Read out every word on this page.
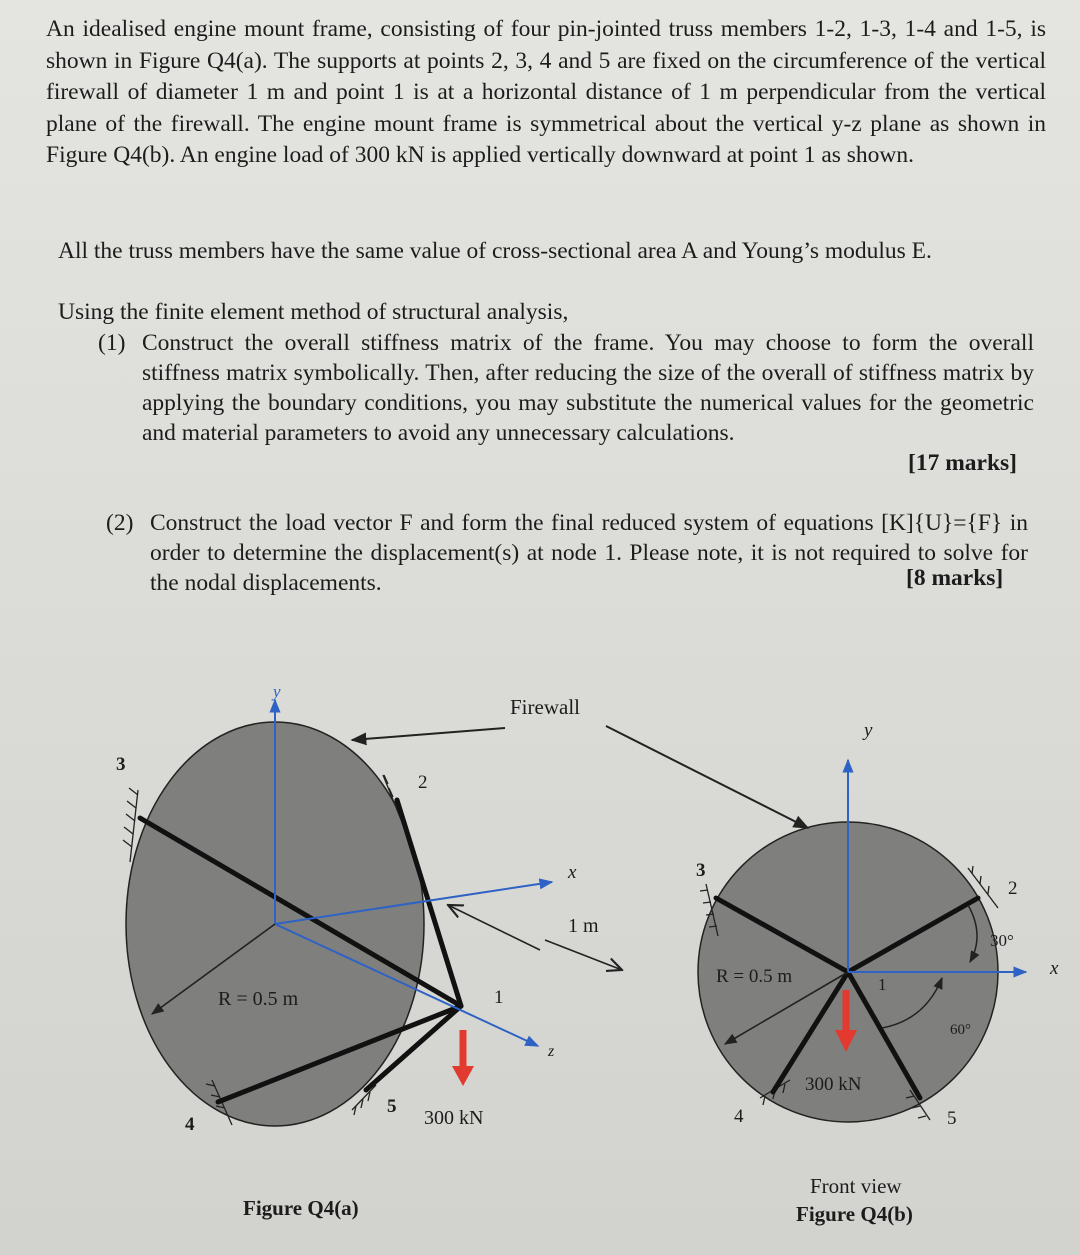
An idealised engine mount frame, consisting of four pin-jointed truss members 1-2, 1-3, 1-4 and 1-5, is shown in Figure Q4(a). The supports at points 2, 3, 4 and 5 are fixed on the circumference of the vertical firewall of diameter 1 m and point 1 is at a horizontal distance of 1 m perpendicular from the vertical plane of the firewall. The engine mount frame is symmetrical about the vertical y-z plane as shown in Figure Q4(b). An engine load of 300 kN is applied vertically downward at point 1 as shown.
All the truss members have the same value of cross-sectional area A and Young’s modulus E.
Using the finite element method of structural analysis,
(1) Construct the overall stiffness matrix of the frame. You may choose to form the overall stiffness matrix symbolically. Then, after reducing the size of the overall of stiffness matrix by applying the boundary conditions, you may substitute the numerical values for the geometric and material parameters to avoid any unnecessary calculations.
[17 marks]
(2) Construct the load vector F and form the final reduced system of equations [K]{U}={F} in order to determine the displacement(s) at node 1. Please note, it is not required to solve for the nodal displacements.	[8 marks]
Firewall
y
x
z
1 m
R = 0.5 m
300 kN
1
2
3
4
5
y
x
R = 0.5 m
300 kN
30°
60°
1
2
3
4	5
Figure Q4(a)
Front view
Figure Q4(b)
